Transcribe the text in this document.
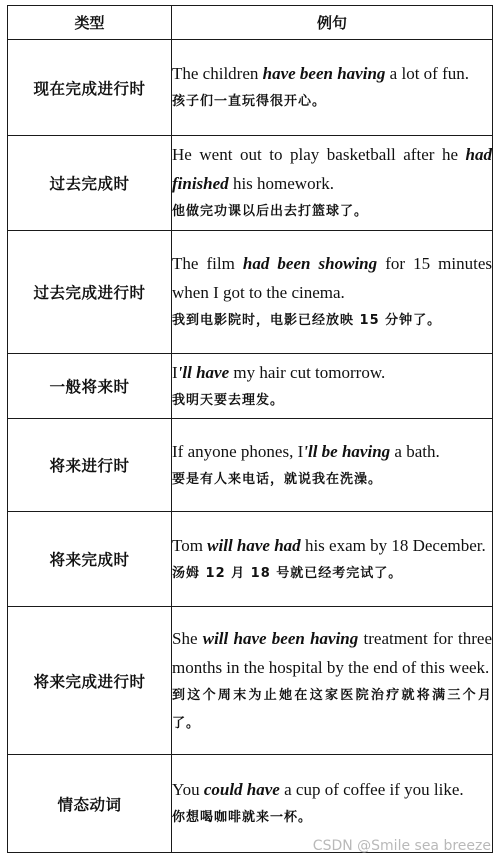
类型	例句
现在完成进行时	The children have been having a lot of fun.
孩子们一直玩得很开心。

过去完成时	He went out to play basketball after he had finished his homework.
他做完功课以后出去打篮球了。

过去完成进行时	The film had been showing for 15 minutes when I got to the cinema.
我到电影院时，电影已经放映 15 分钟了。

一般将来时	I'll have my hair cut tomorrow.
我明天要去理发。

将来进行时	If anyone phones, I'll be having a bath.
要是有人来电话，就说我在洗澡。

将来完成时	Tom will have had his exam by 18 December.
汤姆 12 月 18 号就已经考完试了。

将来完成进行时	She will have been having treatment for three months in the hospital by the end of this week.
到这个周末为止她在这家医院治疗就将满三个月了。

情态动词	You could have a cup of coffee if you like.
你想喝咖啡就来一杯。
CSDN @Smile sea breeze
